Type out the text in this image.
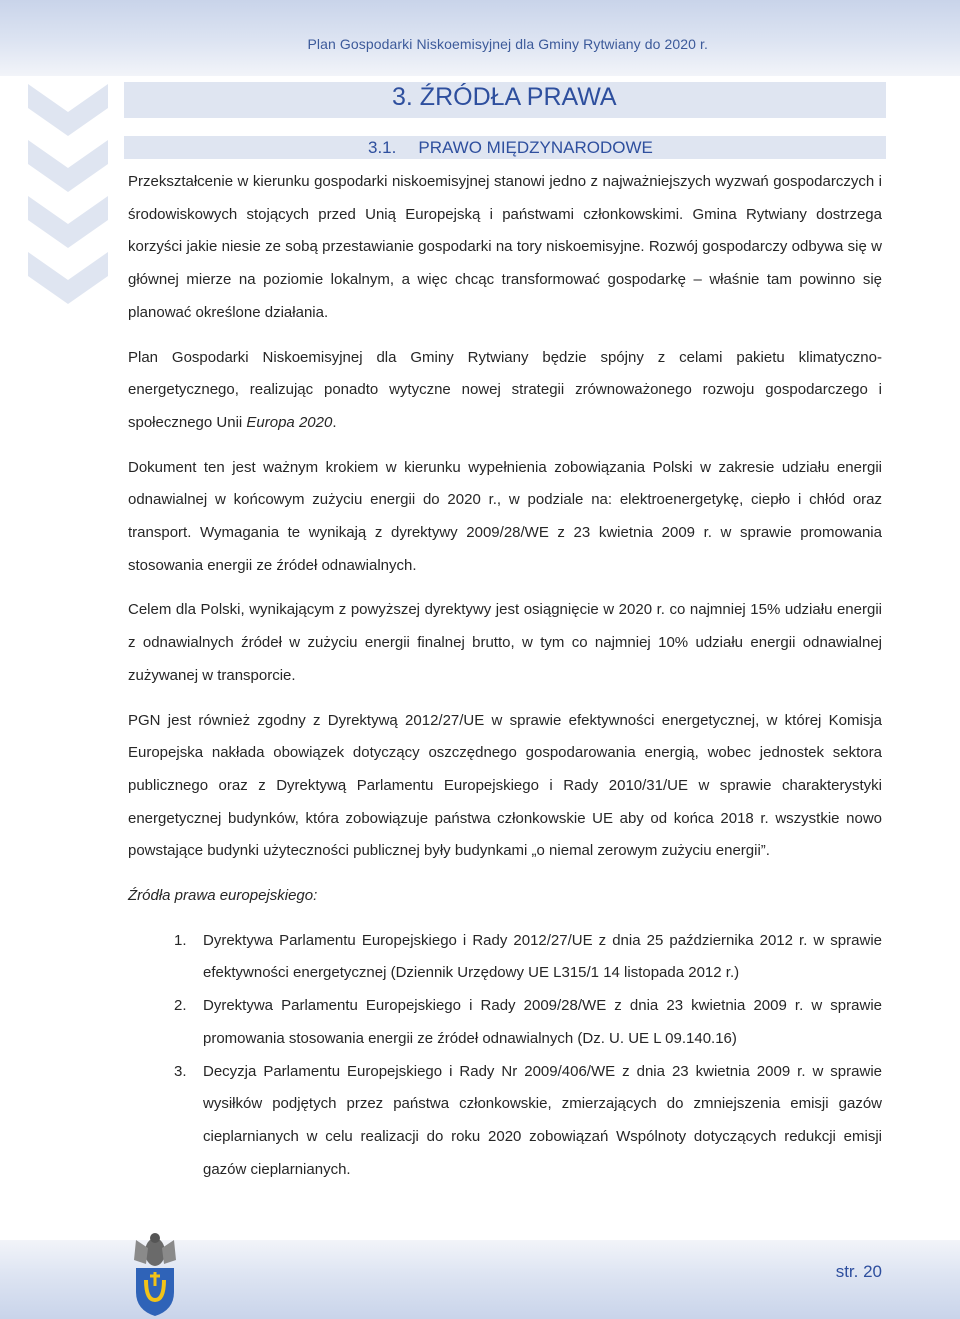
Plan Gospodarki Niskoemisyjnej dla Gminy Rytwiany do 2020 r.
3. ŹRÓDŁA PRAWA
3.1. PRAWO MIĘDZYNARODOWE

Przekształcenie w kierunku gospodarki niskoemisyjnej stanowi jedno z najważniejszych wyzwań gospodarczych i środowiskowych stojących przed Unią Europejską i państwami członkowskimi. Gmina Rytwiany dostrzega korzyści jakie niesie ze sobą przestawianie gospodarki na tory niskoemisyjne. Rozwój gospodarczy odbywa się w głównej mierze na poziomie lokalnym, a więc chcąc transformować gospodarkę – właśnie tam powinno się planować określone działania.

Plan Gospodarki Niskoemisyjnej dla Gminy Rytwiany będzie spójny z celami pakietu klimatyczno-energetycznego, realizując ponadto wytyczne nowej strategii zrównoważonego rozwoju gospodarczego i społecznego Unii Europa 2020.

Dokument ten jest ważnym krokiem w kierunku wypełnienia zobowiązania Polski w zakresie udziału energii odnawialnej w końcowym zużyciu energii do 2020 r., w podziale na: elektroenergetykę, ciepło i chłód oraz transport. Wymagania te wynikają z dyrektywy 2009/28/WE z 23 kwietnia 2009 r. w sprawie promowania stosowania energii ze źródeł odnawialnych.

Celem dla Polski, wynikającym z powyższej dyrektywy jest osiągnięcie w 2020 r. co najmniej 15% udziału energii z odnawialnych źródeł w zużyciu energii finalnej brutto, w tym co najmniej 10% udziału energii odnawialnej zużywanej w transporcie.

PGN jest również zgodny z Dyrektywą 2012/27/UE w sprawie efektywności energetycznej, w której Komisja Europejska nakłada obowiązek dotyczący oszczędnego gospodarowania energią, wobec jednostek sektora publicznego oraz z Dyrektywą Parlamentu Europejskiego i Rady 2010/31/UE w sprawie charakterystyki energetycznej budynków, która zobowiązuje państwa członkowskie UE aby od końca 2018 r. wszystkie nowo powstające budynki użyteczności publicznej były budynkami „o niemal zerowym zużyciu energii”.

Źródła prawa europejskiego:

1. Dyrektywa Parlamentu Europejskiego i Rady 2012/27/UE z dnia 25 października 2012 r. w sprawie efektywności energetycznej (Dziennik Urzędowy UE L315/1 14 listopada 2012 r.)
2. Dyrektywa Parlamentu Europejskiego i Rady 2009/28/WE z dnia 23 kwietnia 2009 r. w sprawie promowania stosowania energii ze źródeł odnawialnych (Dz. U. UE L 09.140.16)
3. Decyzja Parlamentu Europejskiego i Rady Nr 2009/406/WE z dnia 23 kwietnia 2009 r. w sprawie wysiłków podjętych przez państwa członkowskie, zmierzających do zmniejszenia emisji gazów cieplarnianych w celu realizacji do roku 2020 zobowiązań Wspólnoty dotyczących redukcji emisji gazów cieplarnianych.
str. 20
